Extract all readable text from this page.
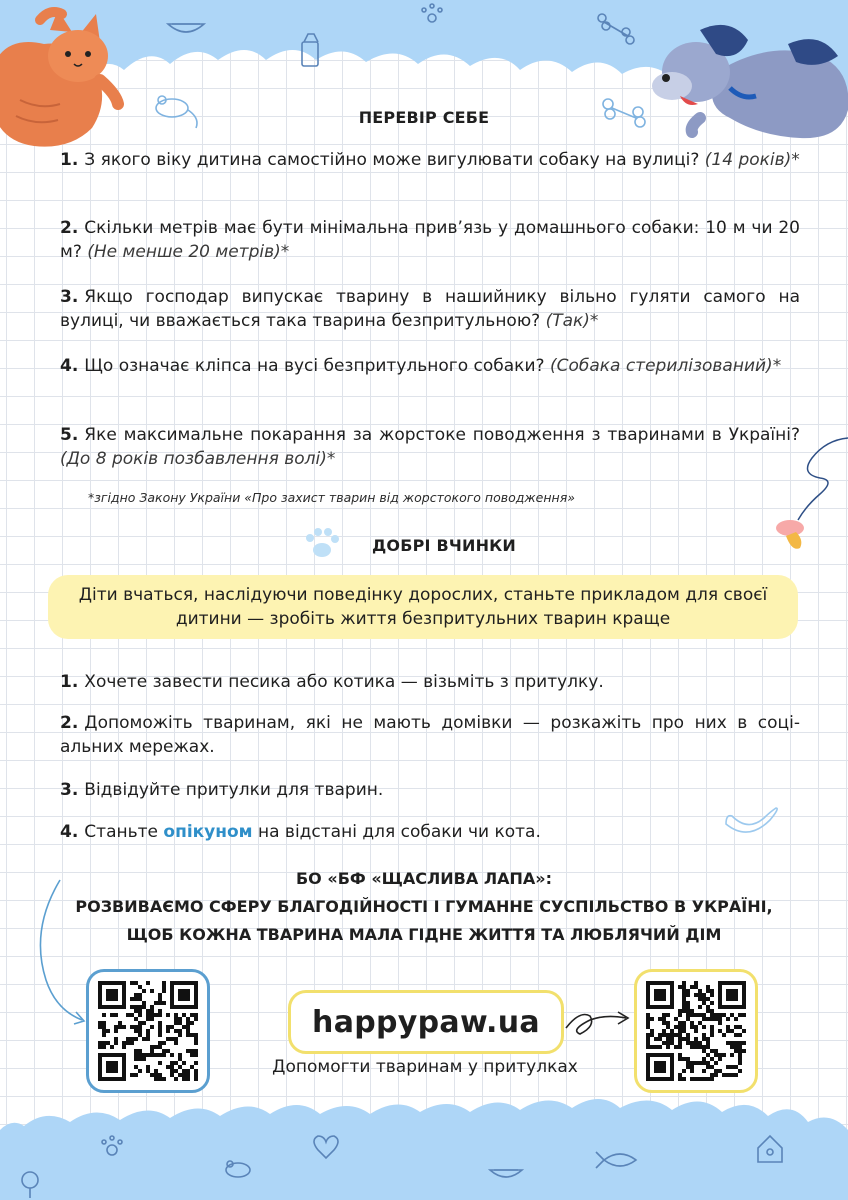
ПЕРЕВІР СЕБЕ
1. З якого віку дитина самостійно може вигулювати собаку на вулиці? (14 років)*
2. Скільки метрів має бути мінімальна прив’язь у домашнього собаки: 10 м чи 20 м? (Не менше 20 метрів)*
3. Якщо господар випускає тварину в нашийнику вільно гуляти самого на вулиці, чи вважається така тварина безпритульною? (Так)*
4. Що означає кліпса на вусі безпритульного собаки? (Собака стерилізований)*
5. Яке максимальне покарання за жорстоке поводження з тваринами в Україні? (До 8 років позбавлення волі)*
*згідно Закону України «Про захист тварин від жорстокого поводження»
ДОБРІ ВЧИНКИ
Діти вчаться, наслідуючи поведінку дорослих, станьте прикладом для своєї дитини — зробіть життя безпритульних тварин краще
1. Хочете завести песика або котика — візьміть з притулку.
2. Допоможіть тваринам, які не мають домівки — розкажіть про них в соціальних мережах.
3. Відвідуйте притулки для тварин.
4. Станьте опікуном на відстані для собаки чи кота.
БО «БФ «ЩАСЛИВА ЛАПА»:
РОЗВИВАЄМО СФЕРУ БЛАГОДІЙНОСТІ І ГУМАННЕ СУСПІЛЬСТВО В УКРАЇНІ,
ЩОБ КОЖНА ТВАРИНА МАЛА ГІДНЕ ЖИТТЯ ТА ЛЮБЛЯЧИЙ ДІМ
happypaw.ua
Допомогти тваринам у притулках
